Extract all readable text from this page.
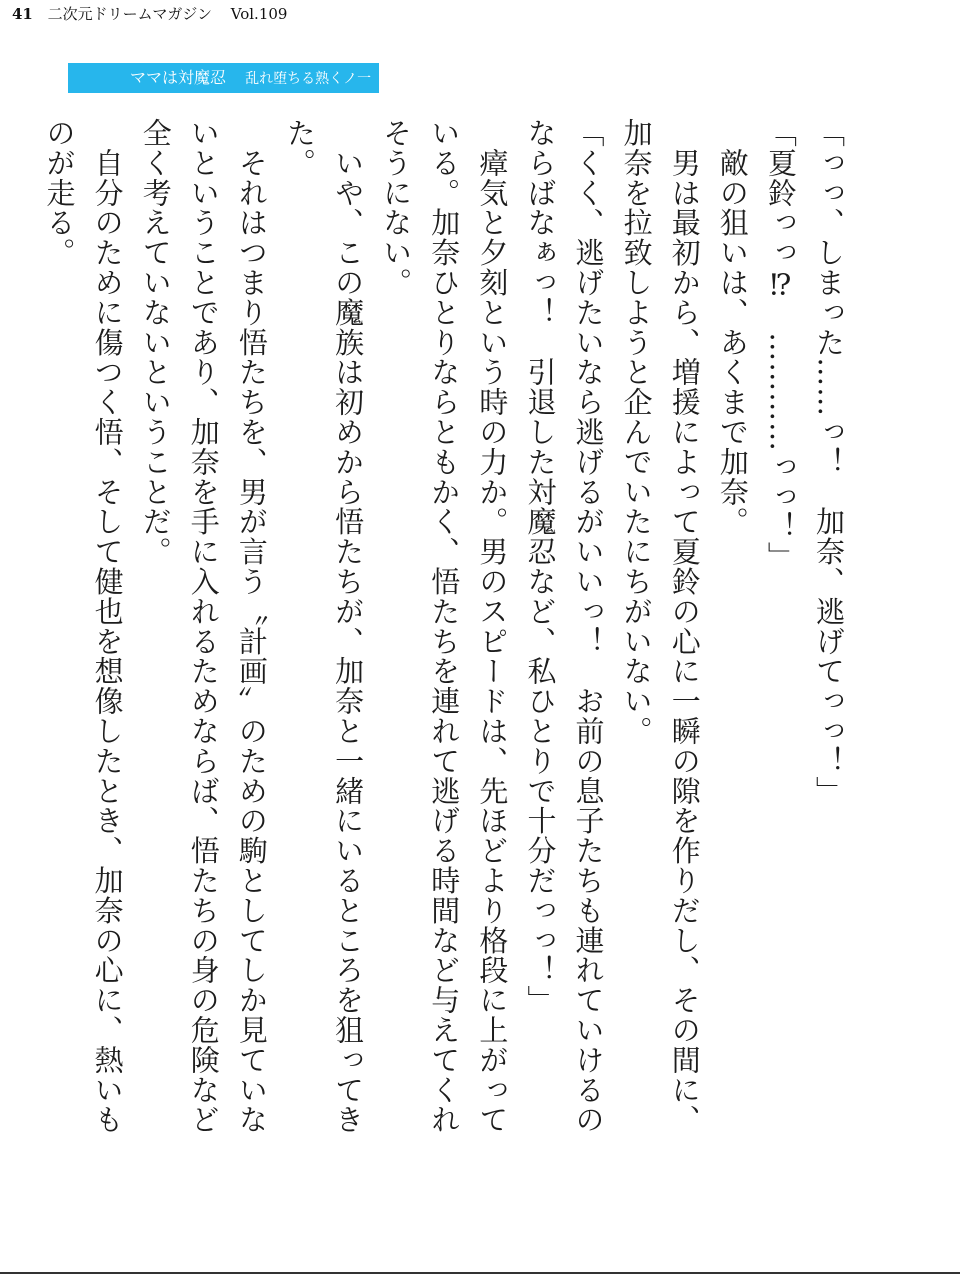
41 二次元ドリームマガジン Vol.109
ママは対魔忍 乱れ堕ちる熟くノ一

「っっ、しまった……っ！　加奈、逃げてっっ！」

「夏鈴っっ⁉　…………っっ！」

　敵の狙いは、あくまで加奈。

　男は最初から、増援によって夏鈴の心に一瞬の隙を作りだし、その間に、加奈を拉致しようと企んでいたにちがいない。

「くく、逃げたいなら逃げるがいいっ！　お前の息子たちも連れていけるのならばなぁっ！　引退した対魔忍など、私ひとりで十分だっっ！」

　瘴気と夕刻という時の力か。男のスピードは、先ほどより格段に上がっている。加奈ひとりならともかく、悟たちを連れて逃げる時間など与えてくれそうにない。

　いや、この魔族は初めから悟たちが、加奈と一緒にいるところを狙ってきた。

　それはつまり悟たちを、男が言う〝計画〟のための駒としてしか見ていないということであり、加奈を手に入れるためならば、悟たちの身の危険など全く考えていないということだ。

　自分のために傷つく悟、そして健也を想像したとき、加奈の心に、熱いものが走る。
